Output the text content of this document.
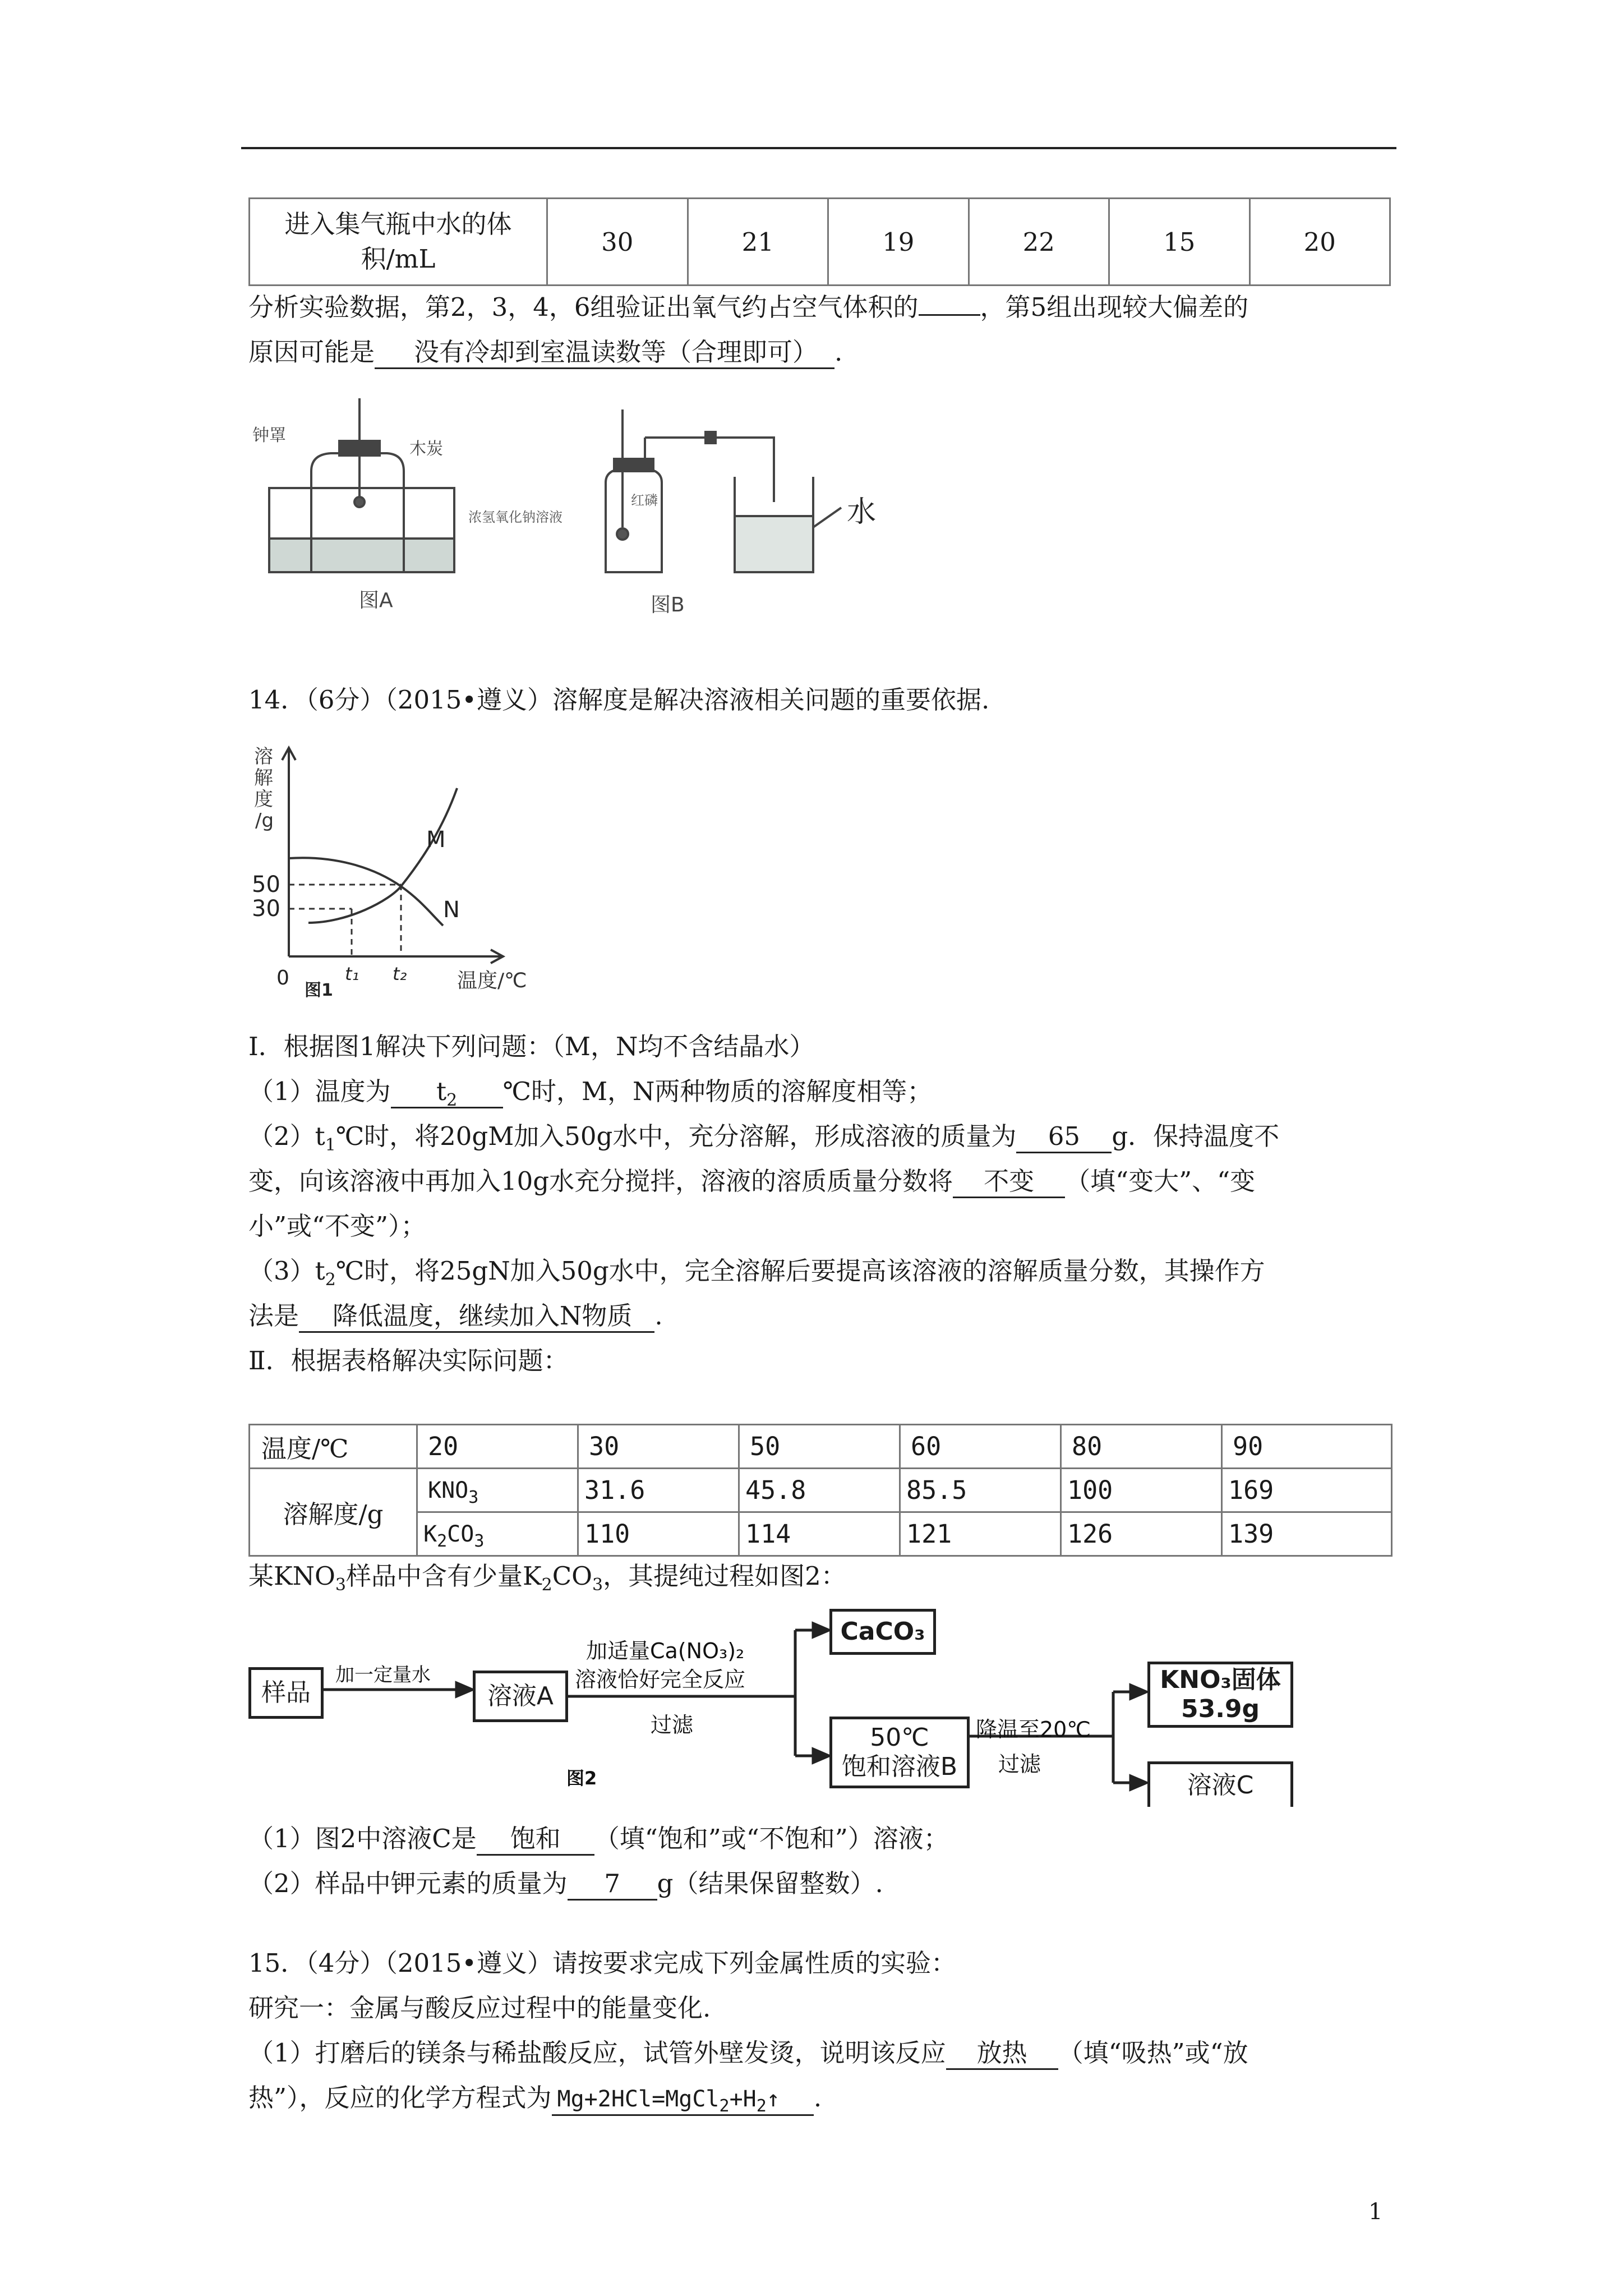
进入集气瓶中水的体积/mL	30	21	19	22	15	20
分析实验数据，第2，3，4，6组验证出氧气约占空气体积的 ，第5组出现较大偏差的
原因可能是 没有冷却到室温读数等（合理即可） .
钟罩
木炭
浓氢氧化钠溶液
图A
红磷	水
图B
14．（6分）（2015•遵义）溶解度是解决溶液相关问题的重要依据.
溶
解
度
/g
50
30
0	t₁ t₂ 温度/℃
M
N
图1
Ⅰ．根据图1解决下列问题：（M，N均不含结晶水）
（1）温度为 $t_2$ ℃时，M，N两种物质的溶解度相等；
$(2)t_1℃$时，将20gM加入50g水中，充分溶解，形成溶液的质量为 65 g．保持温度不
变，向该溶液中再加入10g水充分搅拌，溶液的溶质质量分数将 不变 （填“变大”、“变
小”或“不变”）；
$(3)t_2℃$时，将25gN加入50g水中，完全溶解后要提高该溶液的溶解质量分数，其操作方
法是 降低温度，继续加入N物质 .
Ⅱ．根据表格解决实际问题：
温度/℃	20	30	50	60	80	90
溶解度/g	$KNO_3$	31.6	45.8	85.5	100	169
	$K_2CO_3$	110	114	121	126	139
某$KNO_3$样品中含有少量$K_2CO_3$，其提纯过程如图2：
样品
加一定量水
溶液A
加适量Ca(NO₃)₂
溶液恰好完全反应
过滤
CaCO₃
50℃
饱和溶液B
降温至20℃
过滤
KNO₃固体
53.9g
溶液C
图2
（1）图2中溶液C是 饱和 （填“饱和”或“不饱和”）溶液；
（2）样品中钾元素的质量为 7 g（结果保留整数）.
15．（4分）（2015•遵义）请按要求完成下列金属性质的实验：
研究一：金属与酸反应过程中的能量变化.
（1）打磨后的镁条与稀盐酸反应，试管外壁发烫，说明该反应 放热 （填“吸热”或“放
热”），反应的化学方程式为 $Mg+2HCl=MgCl_2+H_2↑$ .
1
